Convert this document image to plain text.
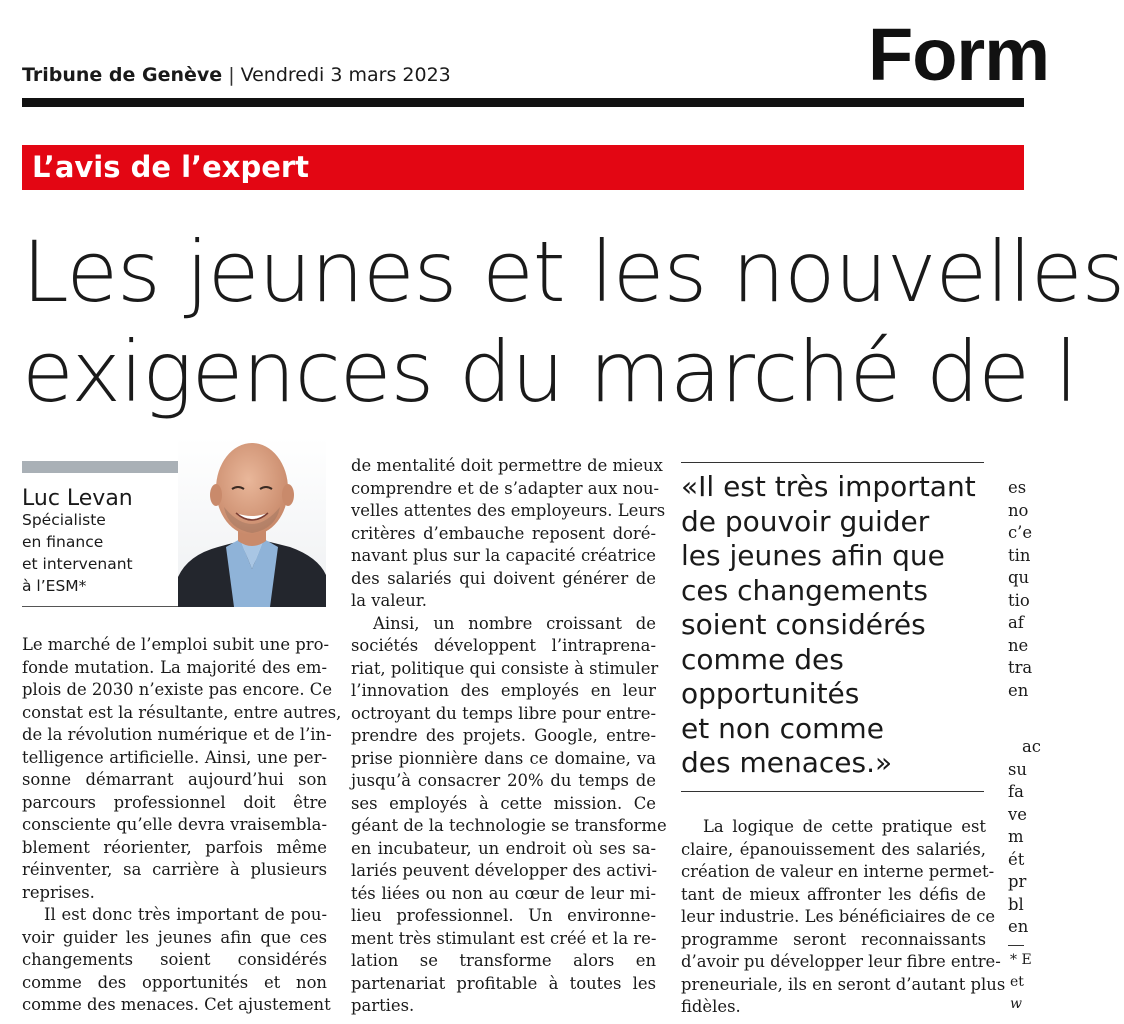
Tribune de Genève | Vendredi 3 mars 2023	Form
L’avis de l’expert
Les jeunes et les nouvelles
exigences du marché de l
Luc Levan
Spécialiste
en finance
et intervenant
à l’ESM*
Le marché de l’emploi subit une pro-
fonde mutation. La majorité des em-
plois de 2030 n’existe pas encore. Ce
constat est la résultante, entre autres,
de la révolution numérique et de l’in-
telligence artificielle. Ainsi, une per-
sonne démarrant aujourd’hui son
parcours professionnel doit être
consciente qu’elle devra vraisembla-
blement réorienter, parfois même
réinventer, sa carrière à plusieurs
reprises.
Il est donc très important de pou-
voir guider les jeunes afin que ces
changements soient considérés
comme des opportunités et non
comme des menaces. Cet ajustement
de mentalité doit permettre de mieux
comprendre et de s’adapter aux nou-
velles attentes des employeurs. Leurs
critères d’embauche reposent doré-
navant plus sur la capacité créatrice
des salariés qui doivent générer de
la valeur.
Ainsi, un nombre croissant de
sociétés développent l’intraprena-
riat, politique qui consiste à stimuler
l’innovation des employés en leur
octroyant du temps libre pour entre-
prendre des projets. Google, entre-
prise pionnière dans ce domaine, va
jusqu’à consacrer 20% du temps de
ses employés à cette mission. Ce
géant de la technologie se transforme
en incubateur, un endroit où ses sa-
lariés peuvent développer des activi-
tés liées ou non au cœur de leur mi-
lieu professionnel. Un environne-
ment très stimulant est créé et la re-
lation se transforme alors en
partenariat profitable à toutes les
parties.
«Il est très important
de pouvoir guider
les jeunes afin que
ces changements
soient considérés
comme des
opportunités
et non comme
des menaces.»
La logique de cette pratique est
claire, épanouissement des salariés,
création de valeur en interne permet-
tant de mieux affronter les défis de
leur industrie. Les bénéficiaires de ce
programme seront reconnaissants
d’avoir pu développer leur fibre entre-
preneuriale, ils en seront d’autant plus
fidèles.
es
no
c’e
tin
qu
tio
af
ne
tra
en
ac
su
fa
ve
m
ét
pr
bl
en
* E
et
w
